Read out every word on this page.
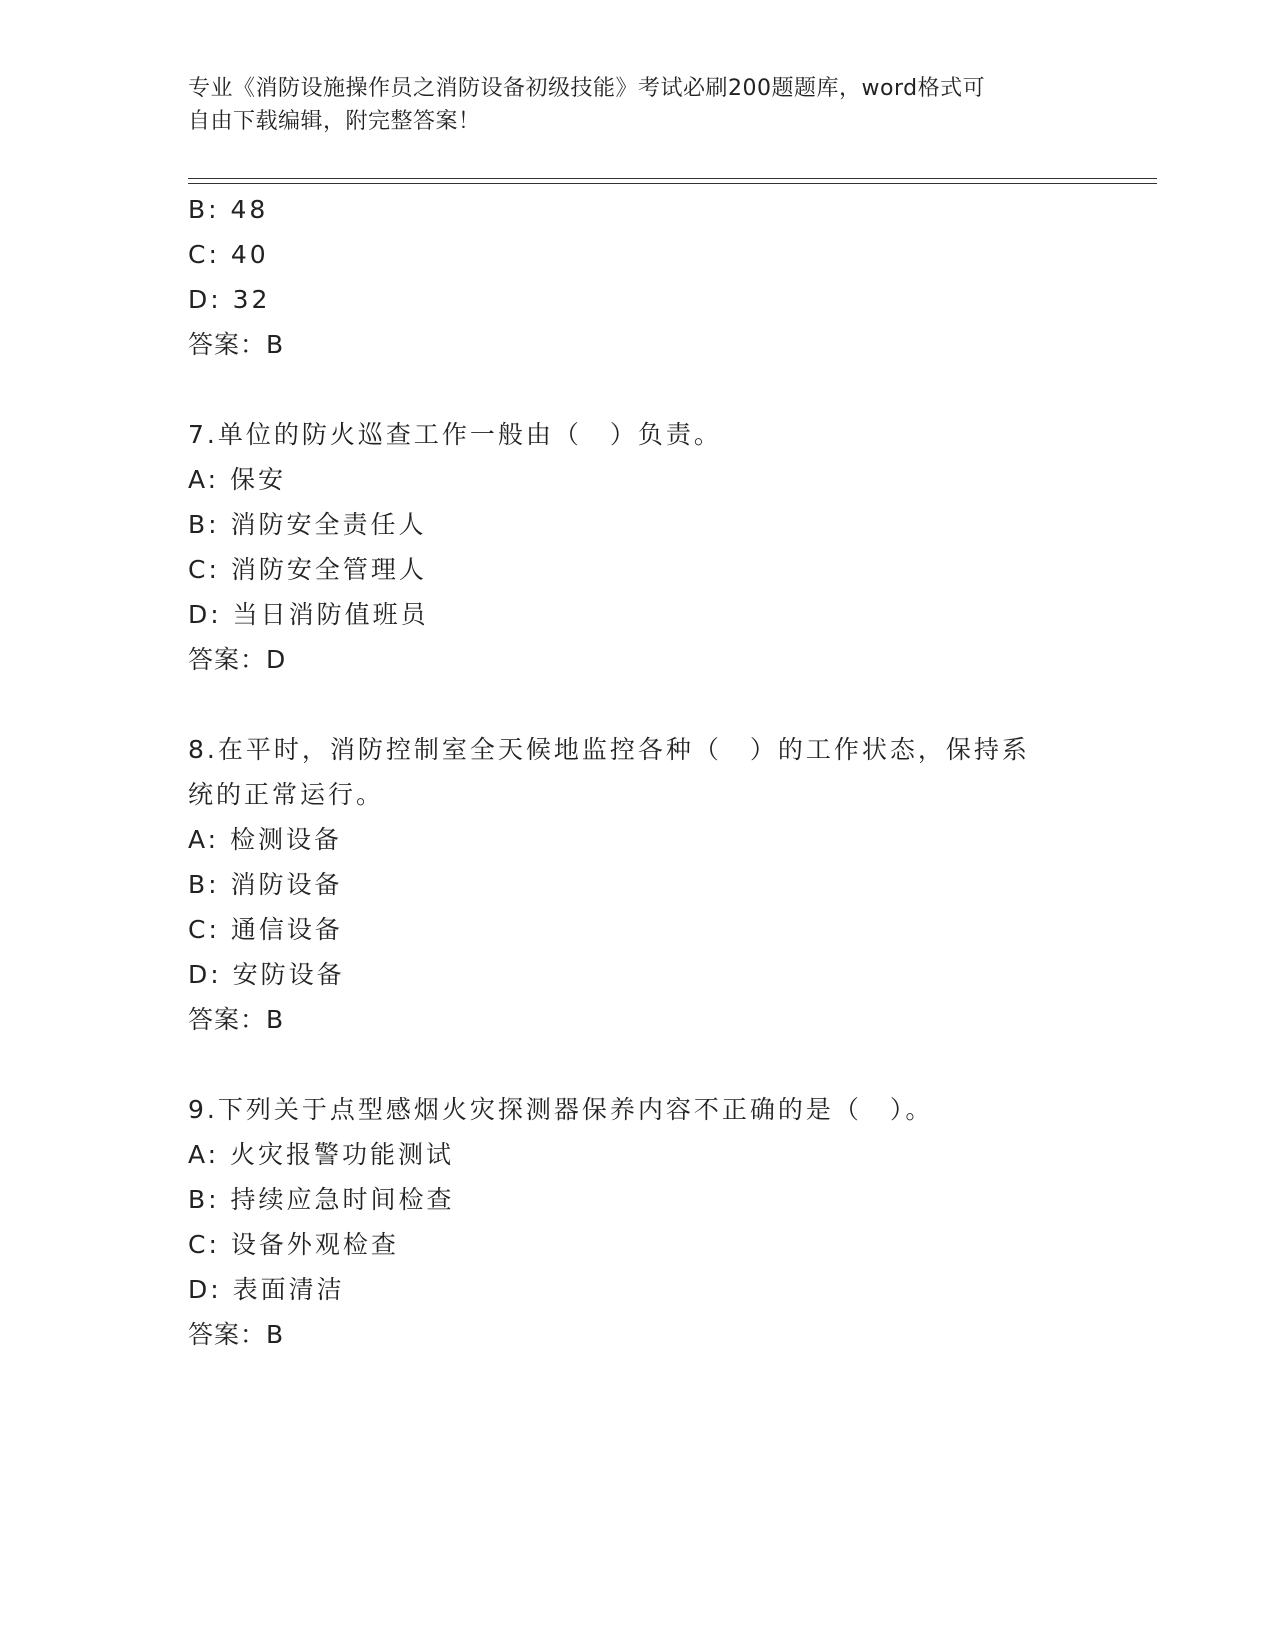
专业《消防设施操作员之消防设备初级技能》考试必刷200题题库，word格式可
自由下载编辑，附完整答案！
B: 48
C: 40
D: 32
答案：B
7.单位的防火巡查工作一般由（　）负责。
A: 保安
B: 消防安全责任人
C: 消防安全管理人
D: 当日消防值班员
答案：D
8.在平时，消防控制室全天候地监控各种（　）的工作状态，保持系
统的正常运行。
A: 检测设备
B: 消防设备
C: 通信设备
D: 安防设备
答案：B
9.下列关于点型感烟火灾探测器保养内容不正确的是（　）。
A: 火灾报警功能测试
B: 持续应急时间检查
C: 设备外观检查
D: 表面清洁
答案：B
